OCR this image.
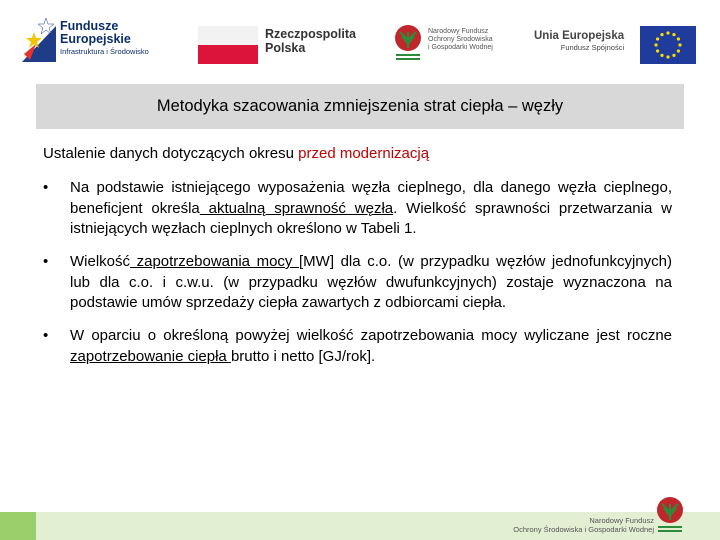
Fundusze
Europejskie
Infrastruktura i Środowisko
Rzeczpospolita
Polska
Narodowy Fundusz
Ochrony Środowiska
i Gospodarki Wodnej
Unia Europejska
Fundusz Spójności
Metodyka szacowania zmniejszenia strat ciepła – węzły
Ustalenie danych dotyczących okresu przed modernizacją
• Na podstawie istniejącego wyposażenia węzła cieplnego, dla danego węzła cieplnego, beneficjent określa aktualną sprawność węzła. Wielkość sprawności przetwarzania w istniejących węzłach cieplnych określono w Tabeli 1.
• Wielkość zapotrzebowania mocy [MW] dla c.o. (w przypadku węzłów jednofunkcyjnych) lub dla c.o. i c.w.u. (w przypadku węzłów dwufunkcyjnych) zostaje wyznaczona na podstawie umów sprzedaży ciepła zawartych z odbiorcami ciepła.
• W oparciu o określoną powyżej wielkość zapotrzebowania mocy wyliczane jest roczne zapotrzebowanie ciepła brutto i netto [GJ/rok].
Narodowy Fundusz
Ochrony Środowiska i Gospodarki Wodnej
